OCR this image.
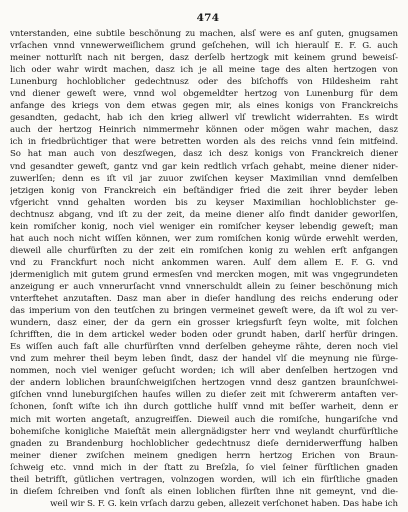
474
vnterstanden, eine subtile beschönung zu machen, alsſ were es anſ guten, gnugsamen
vrſachen vnnd vnnewerweiſlichem grund geſchehen, will ich hieraulſ E. F. G. auch
meiner notturlſt nach nit bergen, dasz derſelb hertzogk mit keinem grund beweisſ-
lich oder wahr wirdt machen, dasz ich je all meine tage des alten hertzogen von
Lunenburg hochloblicher gedechtnusz oder des biſchoffs von Hildesheim raht
vnd diener geweſt were, vnnd wol obgemeldter hertzog von Lunenburg für dem
anfange des kriegs von dem etwas gegen mir, als eines konigs von Franckreichs
gesandten, gedacht, hab ich den krieg allwerl vlſ trewlicht widerrahten. Es wirdt
auch der hertzog Heinrich nimmermehr können oder mögen wahr machen, dasz
ich in friedbrüchtiger that were betretten worden als des reichs vnnd ſein mitfeind.
So hat man auch von deszſwegen, dasz ich desz konigs von Franckreich diener
vnd gesandter geweſt, gantz vnd gar kein redtlich vrſach gehabt, meine diener nider-
zuwerlſen; denn es iſt vil jar zuuor zwiſchen keyser Maximilian vnnd demſelben
jetzigen konig von Franckreich ein beſtändiger fried die zeit ihrer beyder leben
vfgericht vnnd gehalten worden bis zu keyser Maximilian hochloblichster ge-
dechtnusz abgang, vnd iſt zu der zeit, da meine diener alſo findt danider geworlſen,
kein romiſcher konig, noch viel weniger ein romiſcher keyser lebendig geweſt; man
hat auch noch nicht wiſſen können, wer zum romiſchen konig würde erwehlt werden,
dieweil alle churfürſten zu der zeit ein romiſchen konig zu wehlen erſt anfgangen
vnd zu Franckfurt noch nicht ankommen waren. Aulſ dem allem E. F. G. vnd
jdermeniglich mit gutem grund ermesſen vnd mercken mogen, mit was vngegrundeten
anzeigung er auch vnnerurſacht vnnd vnnerschuldt allein zu ſeiner beschönung mich
vnterftehet anzutaften. Dasz man aber in dieſer handlung des reichs enderung oder
das imperium von den teutſchen zu bringen vermeinet geweſt were, da iſt wol zu ver-
wundern, dasz einer, der da gern ein grosser kriegsfurſt ſeyn wolte, mit ſolchen
ſchrifften, die in dem artickel weder boden oder grundt haben, darlſ herfür dringen.
Es wiſſen auch faſt alle churfürſten vnnd derſelben geheyme rähte, deren noch viel
vnd zum mehrer theil beym leben ſindt, dasz der handel vlſ die meynung nie fürge-
nommen, noch viel weniger geſucht worden; ich will aber denſelben hertzogen vnd
der andern loblichen braunſchweigiſchen hertzogen vnnd desz gantzen braunſchwei-
giſchen vnnd luneburgiſchen hauſes willen zu dieſer zeit mit ſchwererm antaften ver-
ſchonen, ſonſt wiſte ich ihn durch gottliche hulſf vnnd mit beſſer warheit, denn er
mich mit worten angetaſt, anzugreifſen. Dieweil auch die romiſche, hungariſche vnd
bohemiſche konigliche Maieſtät mein allergnädigster herr vnd weylandt churfürſtliche
gnaden zu Brandenburg hochloblicher gedechtnusz dieſe derniderwerffung halben
meiner diener zwiſchen meinem gnedigen herrn hertzog Erichen von Braun-
ſchweig etc. vnnd mich in der ſtatt zu Breſzla, ſo viel ſeiner fürſtlichen gnaden
theil betrifſt, gütlichen vertragen, volnzogen worden, will ich ein fürſtliche gnaden
in dieſem ſchreiben vnd ſonſt als einen loblichen fürſten ihne nit gemeynt, vnd die-
weil wir S. F. G. kein vrſach darzu geben, allezeit verſchonet haben. Das habe ich
